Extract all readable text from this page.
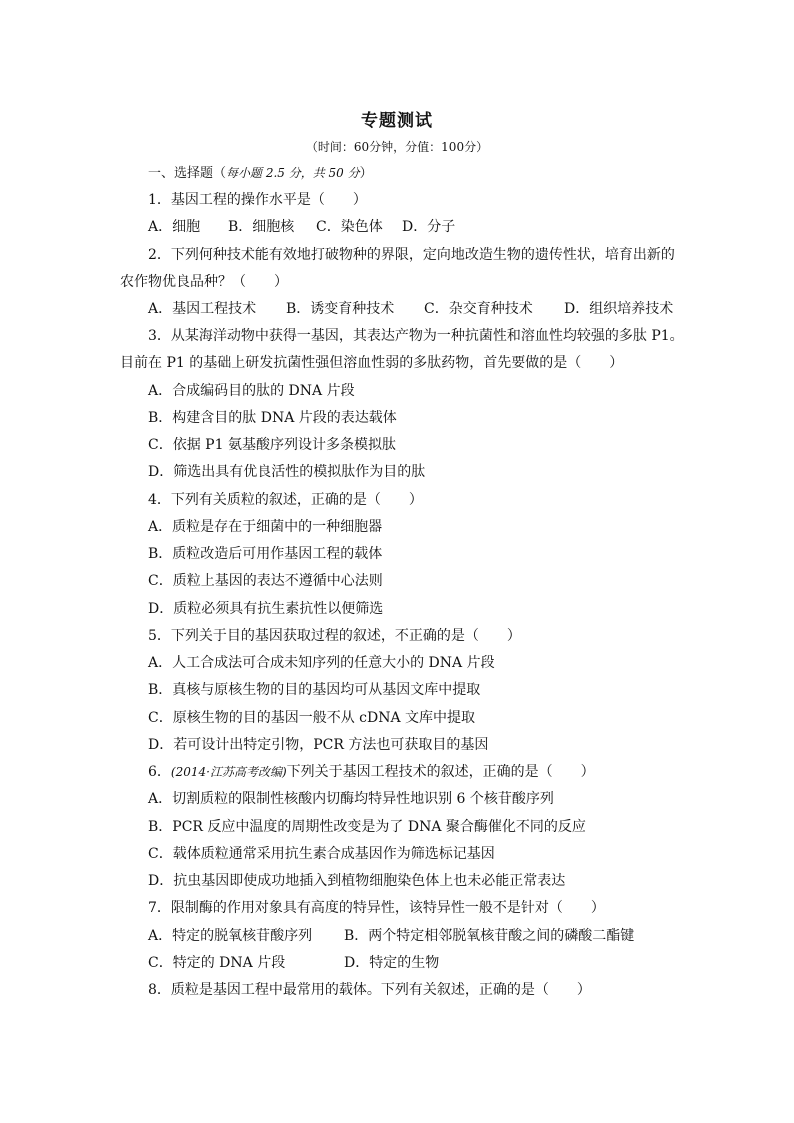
专题测试
（时间：60分钟，分值：100分）
一、选择题（每小题 2.5 分，共 50 分）
1．基因工程的操作水平是（　　）
A．细胞 B．细胞核 C．染色体 D．分子
2．下列何种技术能有效地打破物种的界限，定向地改造生物的遗传性状，培育出新的
农作物优良品种？（　　）
A．基因工程技术 B．诱变育种技术 C．杂交育种技术 D．组织培养技术
3．从某海洋动物中获得一基因，其表达产物为一种抗菌性和溶血性均较强的多肽 P1。
目前在 P1 的基础上研发抗菌性强但溶血性弱的多肽药物，首先要做的是（　　）
A．合成编码目的肽的 DNA 片段
B．构建含目的肽 DNA 片段的表达载体
C．依据 P1 氨基酸序列设计多条模拟肽
D．筛选出具有优良活性的模拟肽作为目的肽
4．下列有关质粒的叙述，正确的是（　　）
A．质粒是存在于细菌中的一种细胞器
B．质粒改造后可用作基因工程的载体
C．质粒上基因的表达不遵循中心法则
D．质粒必须具有抗生素抗性以便筛选
5．下列关于目的基因获取过程的叙述，不正确的是（　　）
A．人工合成法可合成未知序列的任意大小的 DNA 片段
B．真核与原核生物的目的基因均可从基因文库中提取
C．原核生物的目的基因一般不从 cDNA 文库中提取
D．若可设计出特定引物，PCR 方法也可获取目的基因
6．(2014·江苏高考改编)下列关于基因工程技术的叙述，正确的是（　　）
A．切割质粒的限制性核酸内切酶均特异性地识别 6 个核苷酸序列
B．PCR 反应中温度的周期性改变是为了 DNA 聚合酶催化不同的反应
C．载体质粒通常采用抗生素合成基因作为筛选标记基因
D．抗虫基因即使成功地插入到植物细胞染色体上也未必能正常表达
7．限制酶的作用对象具有高度的特异性，该特异性一般不是针对（　　）
A．特定的脱氧核苷酸序列 B．两个特定相邻脱氧核苷酸之间的磷酸二酯键
C．特定的 DNA 片段	D．特定的生物
8．质粒是基因工程中最常用的载体。下列有关叙述，正确的是（　　）
